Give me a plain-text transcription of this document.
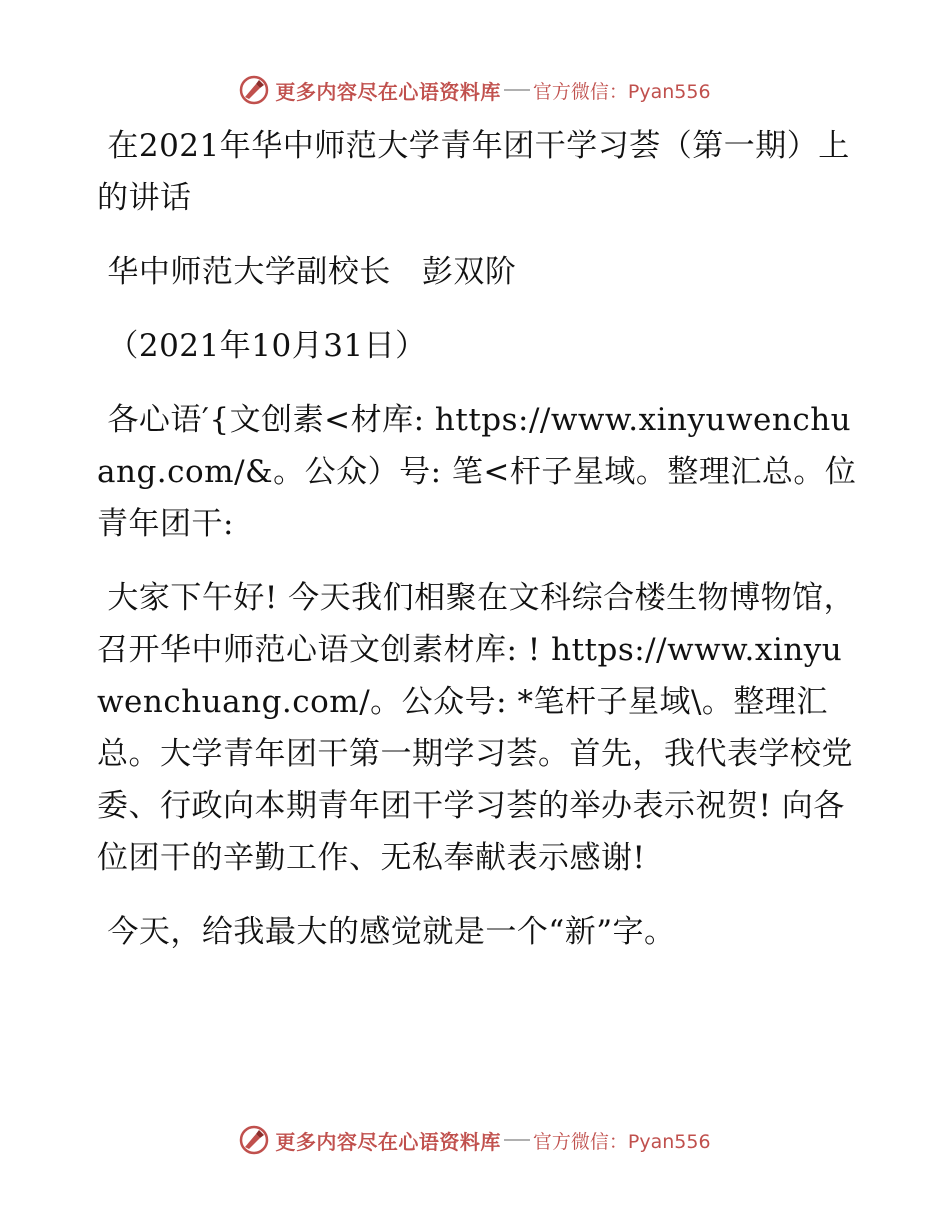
更多内容尽在心语资料库 官方微信：Pyan556

在2021年华中师范大学青年团干学习荟（第一期）上的讲话

华中师范大学副校长   彭双阶

（2021年10月31日）

各心语′{文创素<材库: https://www.xinyuwenchuang.com/&。公众）号: 笔<杆子星域。整理汇总。位青年团干:

大家下午好! 今天我们相聚在文科综合楼生物博物馆，召开华中师范心语文创素材库: ! https://www.xinyuwenchuang.com/。公众号: *笔杆子星域\。整理汇总。大学青年团干第一期学习荟。首先，我代表学校党委、行政向本期青年团干学习荟的举办表示祝贺! 向各位团干的辛勤工作、无私奉献表示感谢!

今天，给我最大的感觉就是一个“新”字。

更多内容尽在心语资料库 官方微信：Pyan556
